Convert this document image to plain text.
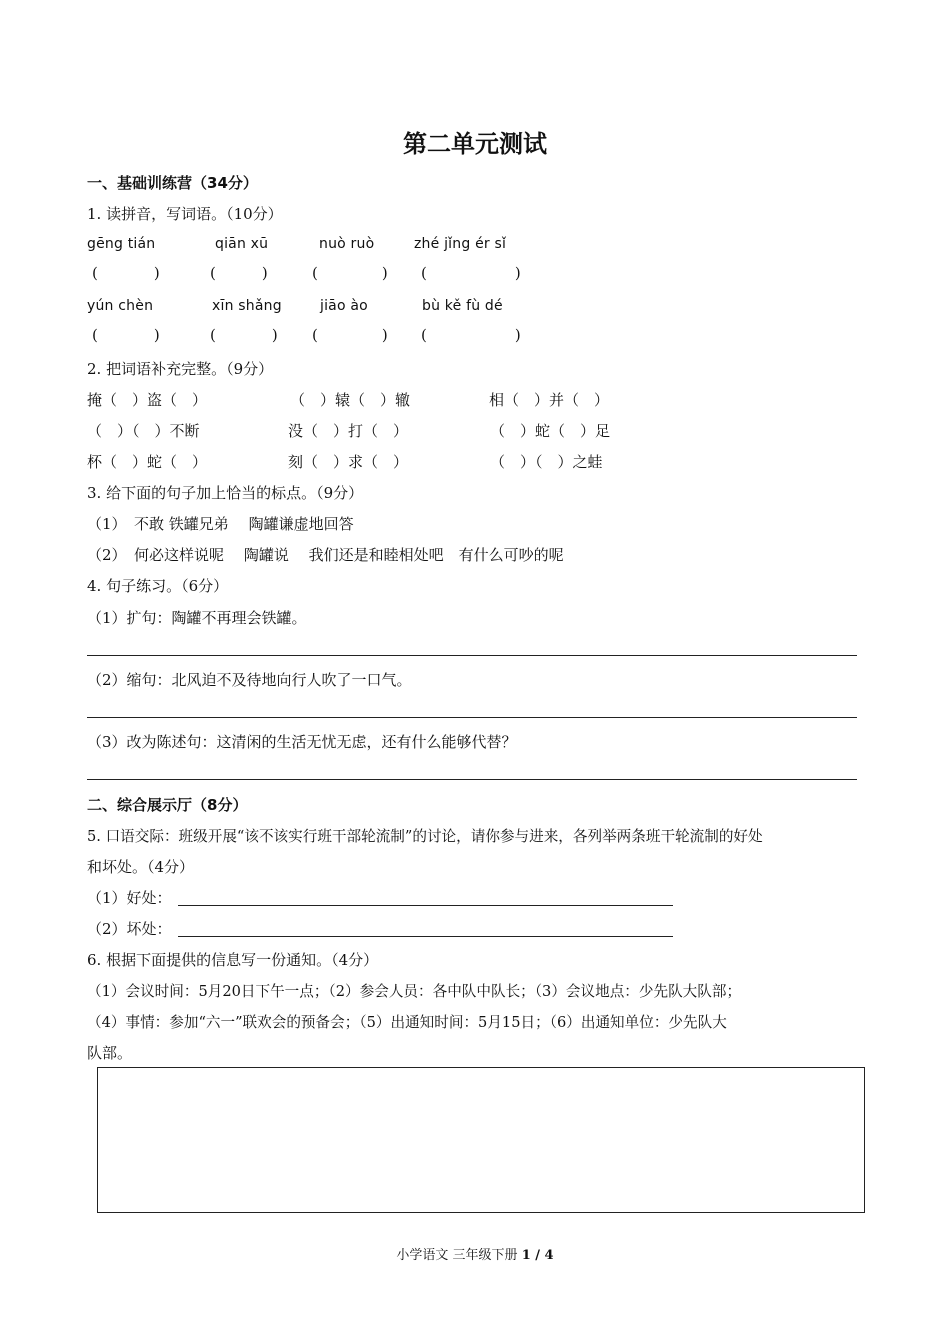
第二单元测试
一、基础训练营（34分）
1. 读拼音，写词语。（10分）
gēng tián	qiān xū	nuò ruò	zhé jǐng ér sǐ
(	)	(	)	(	) (	)
yún chèn	xīn shǎng	jiāo ào	bù kě fù dé
(	)	(	) (	) (	)
2. 把词语补充完整。（9分）
掩（　）盗（　）	（　）辕（　）辙	相（　）并（　）
（　）（　）不断	没（　）打（　）	（　）蛇（　）足
杯（　）蛇（　）	刻（　）求（　）	（　）（　）之蛙
3. 给下面的句子加上恰当的标点。（9分）
（1）　不敢 铁罐兄弟　 陶罐谦虚地回答
（2）　何必这样说呢　 陶罐说　 我们还是和睦相处吧　有什么可吵的呢
4. 句子练习。（6分）
（1）扩句：陶罐不再理会铁罐。
（2）缩句：北风迫不及待地向行人吹了一口气。
（3）改为陈述句：这清闲的生活无忧无虑，还有什么能够代替？
二、综合展示厅（8分）
5. 口语交际：班级开展“该不该实行班干部轮流制”的讨论，请你参与进来，各列举两条班干轮流制的好处
和坏处。（4分）
（1）好处：
（2）坏处：
6. 根据下面提供的信息写一份通知。（4分）
（1）会议时间：5月20日下午一点；（2）参会人员：各中队中队长；（3）会议地点：少先队大队部；
（4）事情：参加“六一”联欢会的预备会；（5）出通知时间：5月15日；（6）出通知单位：少先队大
队部。
小学语文 三年级下册 1 / 4
